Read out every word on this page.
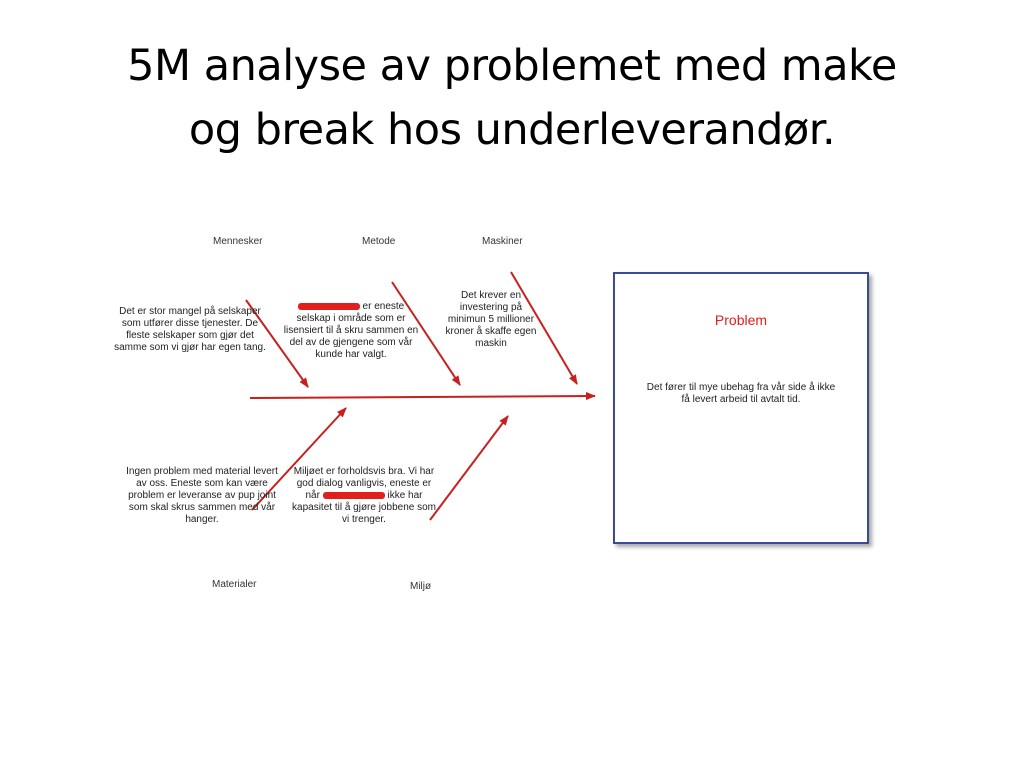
5M analyse av problemet med make
og break hos underleverandør.
Mennesker	Metode	Maskiner
Materialer	Miljø
Det er stor mangel på selskaper som utfører disse tjenester. De fleste selskaper som gjør det samme som vi gjør har egen tang.
er eneste selskap i område som er lisensiert til å skru sammen en del av de gjengene som vår kunde har valgt.
Det krever en investering på minimun 5 millioner kroner å skaffe egen maskin
Ingen problem med material levert av oss. Eneste som kan være problem er leveranse av pup joint som skal skrus sammen med vår hanger.
Miljøet er forholdsvis bra. Vi har god dialog vanligvis, eneste er når	ikke har kapasitet til å gjøre jobbene som vi trenger.
Problem
Det fører til mye ubehag fra vår side å ikke få levert arbeid til avtalt tid.
